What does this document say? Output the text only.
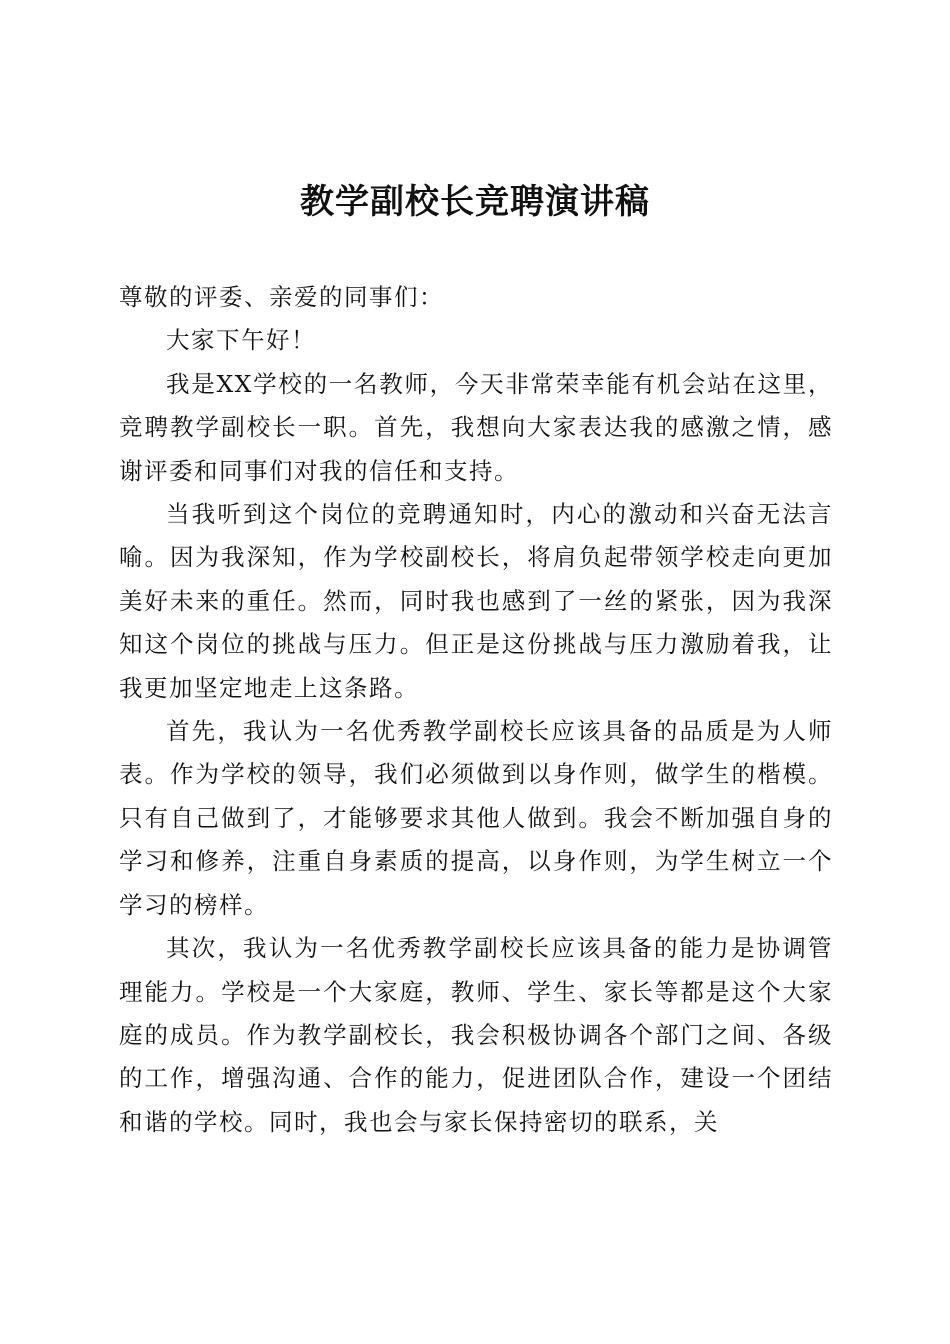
教学副校长竞聘演讲稿

尊敬的评委、亲爱的同事们：

大家下午好！

我是XX学校的一名教师，今天非常荣幸能有机会站在这里，竞聘教学副校长一职。首先，我想向大家表达我的感激之情，感谢评委和同事们对我的信任和支持。

当我听到这个岗位的竞聘通知时，内心的激动和兴奋无法言喻。因为我深知，作为学校副校长，将肩负起带领学校走向更加美好未来的重任。然而，同时我也感到了一丝的紧张，因为我深知这个岗位的挑战与压力。但正是这份挑战与压力激励着我，让我更加坚定地走上这条路。

首先，我认为一名优秀教学副校长应该具备的品质是为人师表。作为学校的领导，我们必须做到以身作则，做学生的楷模。只有自己做到了，才能够要求其他人做到。我会不断加强自身的学习和修养，注重自身素质的提高，以身作则，为学生树立一个学习的榜样。

其次，我认为一名优秀教学副校长应该具备的能力是协调管理能力。学校是一个大家庭，教师、学生、家长等都是这个大家庭的成员。作为教学副校长，我会积极协调各个部门之间、各级的工作，增强沟通、合作的能力，促进团队合作，建设一个团结和谐的学校。同时，我也会与家长保持密切的联系，关
